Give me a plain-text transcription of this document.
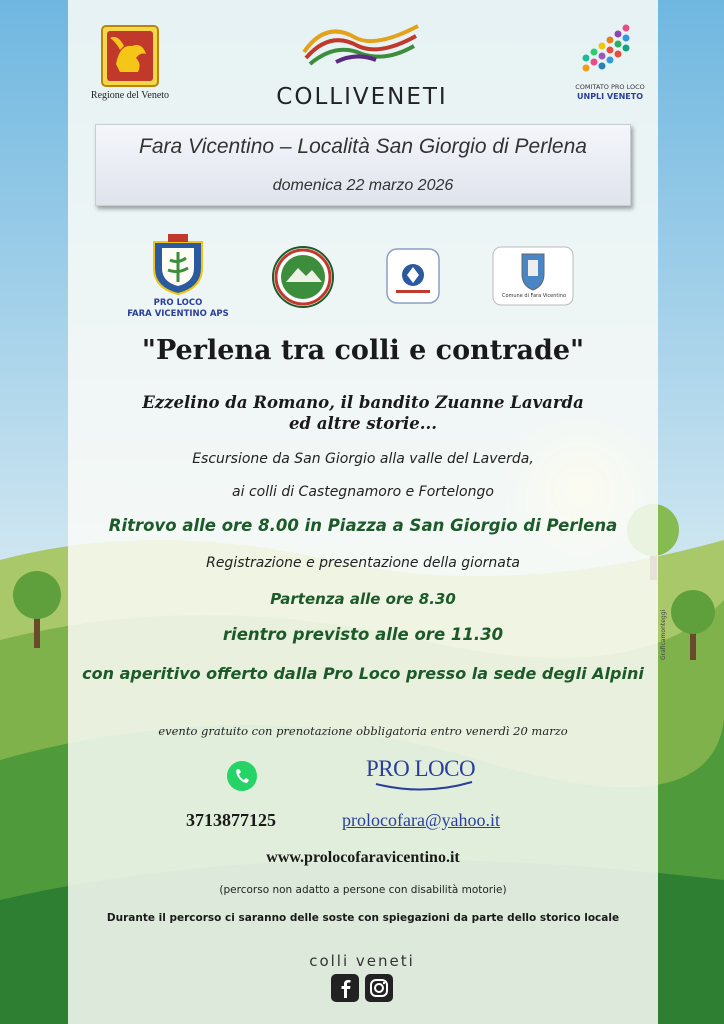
Regione del Veneto	COLLIVENETI	COMITATO PRO LOCO
UNPLI VENETO
Fara Vicentino – Località San Giorgio di Perlena
domenica 22 marzo 2026
PRO LOCO
FARA VICENTINO APS
Comune di Fara Vicentino
"Perlena tra colli e contrade"
Ezzelino da Romano, il bandito Zuanne Lavarda
ed altre storie...
Escursione da San Giorgio alla valle del Laverda,
ai colli di Castegnamoro e Fortelongo
Ritrovo alle ore 8.00 in Piazza a San Giorgio di Perlena
Registrazione e presentazione della giornata
Partenza alle ore 8.30
rientro previsto alle ore 11.30
con aperitivo offerto dalla Pro Loco presso la sede degli Alpini
evento gratuito con prenotazione obbligatoria entro venerdì 20 marzo
PRO LOCO
3713877125	prolocofara@yahoo.it
www.prolocofaravicentino.it
(percorso non adatto a persone con disabilità motorie)
Durante il percorso ci saranno delle soste con spiegazioni da parte dello storico locale
colli veneti
Graficamonteggi
